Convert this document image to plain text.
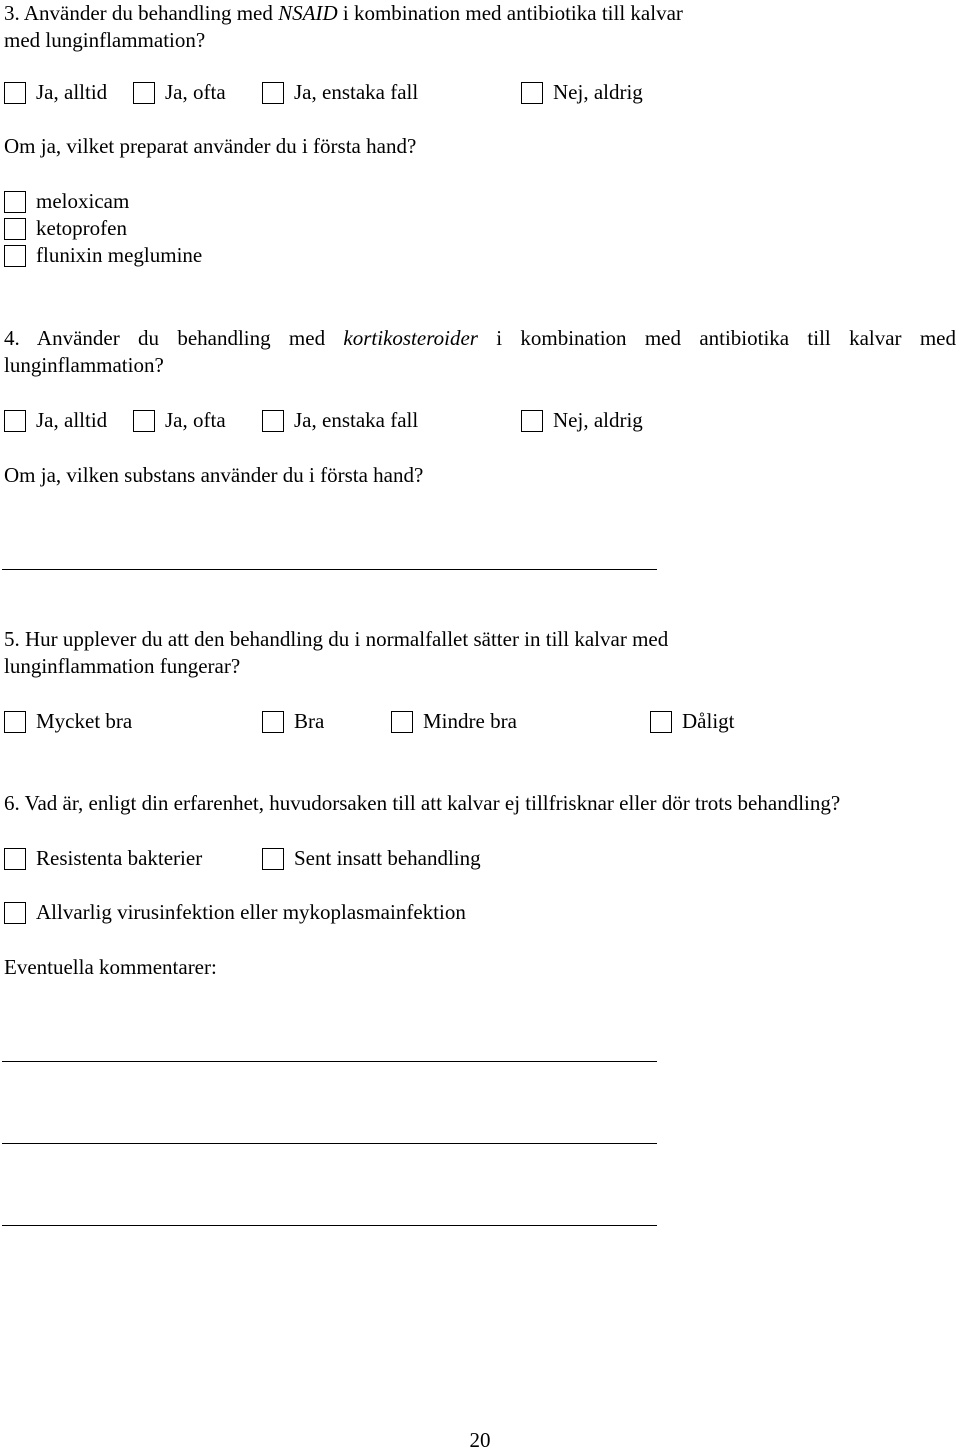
3. Använder du behandling med NSAID i kombination med antibiotika till kalvar med lunginflammation?
Ja, alltid	Ja, ofta	Ja, enstaka fall	Nej, aldrig
Om ja, vilket preparat använder du i första hand?
meloxicam
ketoprofen
flunixin meglumine
4. Använder du behandling med kortikosteroider i kombination med antibiotika till kalvar med lunginflammation?
Ja, alltid	Ja, ofta	Ja, enstaka fall	Nej, aldrig
Om ja, vilken substans använder du i första hand?
5. Hur upplever du att den behandling du i normalfallet sätter in till kalvar med lunginflammation fungerar?
Mycket bra	Bra	Mindre bra	Dåligt
6. Vad är, enligt din erfarenhet, huvudorsaken till att kalvar ej tillfrisknar eller dör trots behandling?
Resistenta bakterier	Sent insatt behandling
Allvarlig virusinfektion eller mykoplasmainfektion
Eventuella kommentarer:
20
